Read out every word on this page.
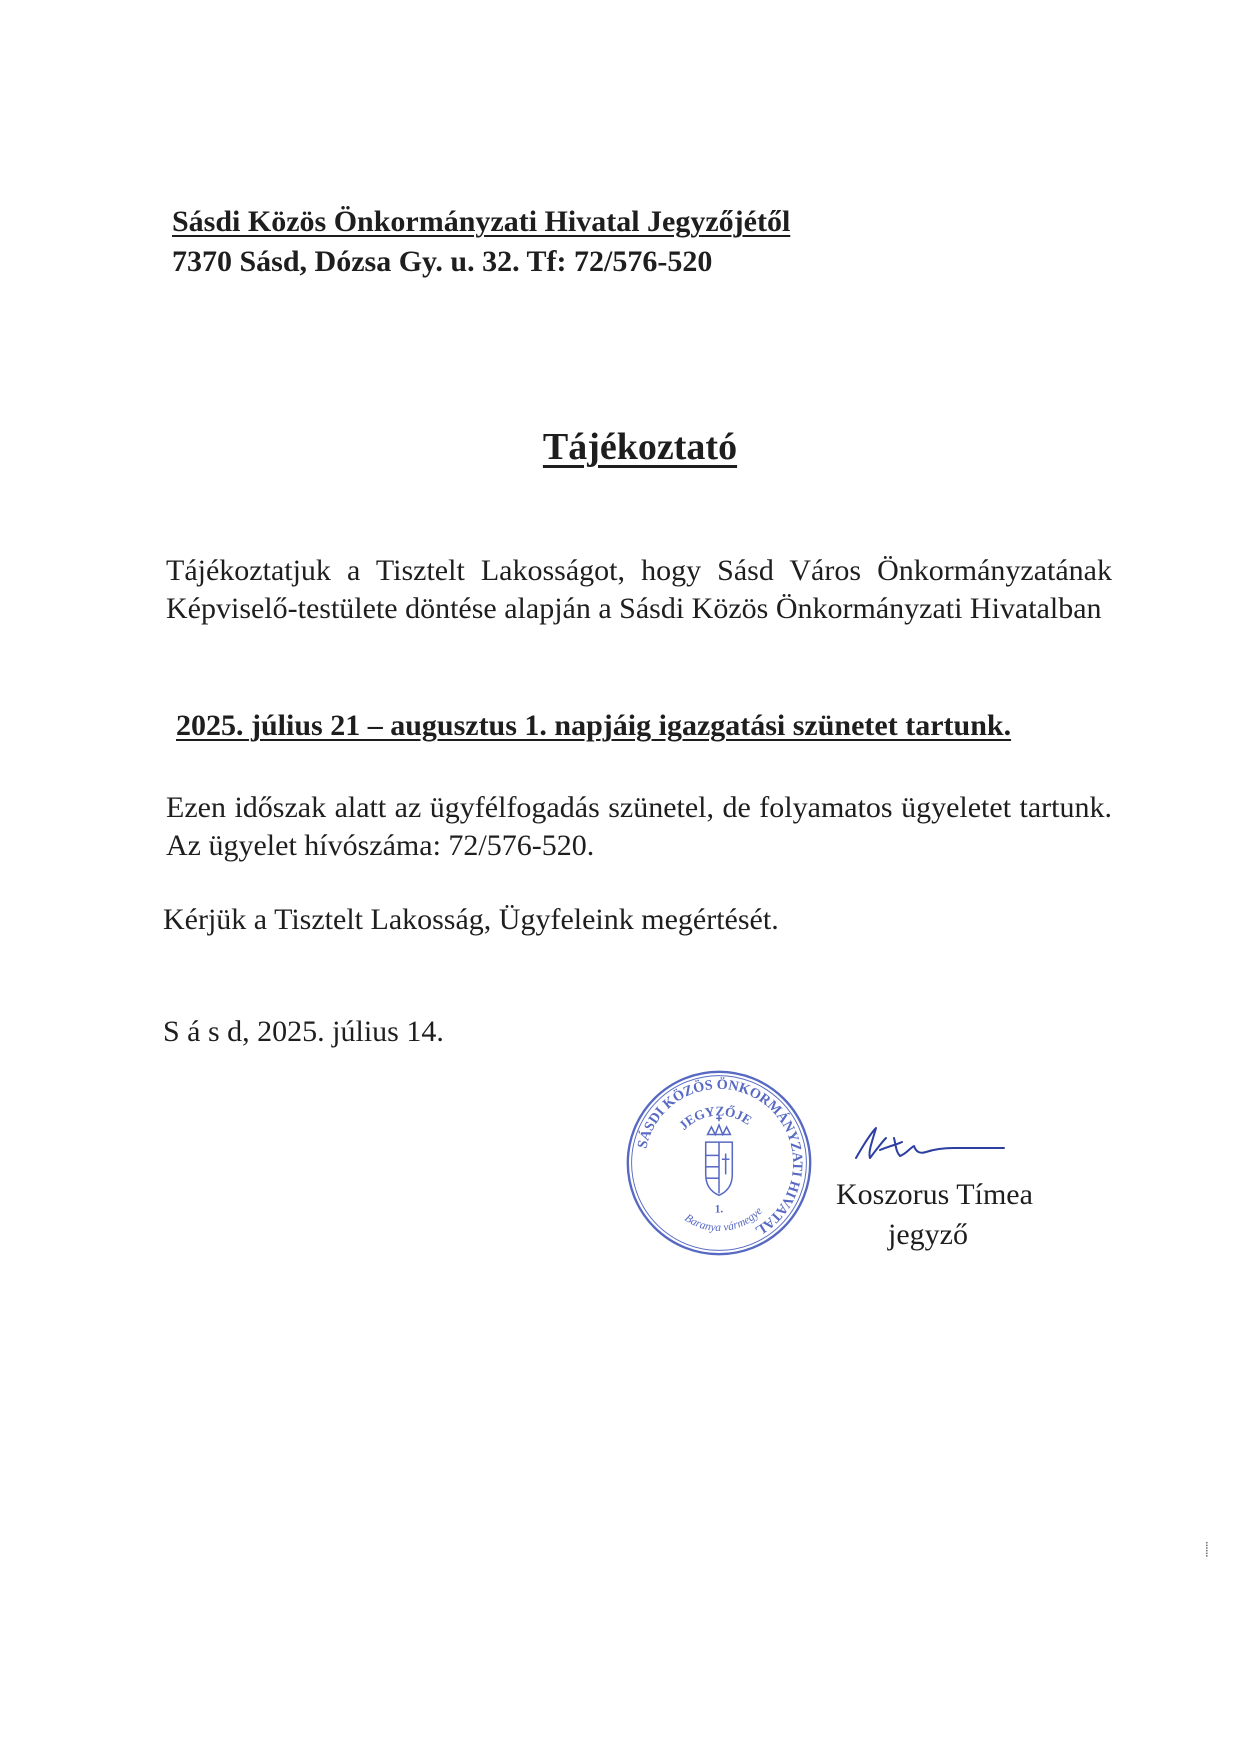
Sásdi Közös Önkormányzati Hivatal Jegyzőjétől
7370 Sásd, Dózsa Gy. u. 32. Tf: 72/576-520
Tájékoztató
Tájékoztatjuk a Tisztelt Lakosságot, hogy Sásd Város Önkormányzatának Képviselő-testülete döntése alapján a Sásdi Közös Önkormányzati Hivatalban
2025. július 21 – augusztus 1. napjáig igazgatási szünetet tartunk.
Ezen időszak alatt az ügyfélfogadás szünetel, de folyamatos ügyeletet tartunk. Az ügyelet hívószáma: 72/576-520.
Kérjük a Tisztelt Lakosság, Ügyfeleink megértését.
S á s d, 2025. július 14.
SÁSDI KÖZÖS ÖNKORMÁNYZATI HIVATAL
JEGYZŐJE
1.
Baranya vármegye
Koszorus Tímea
jegyző
⸽
